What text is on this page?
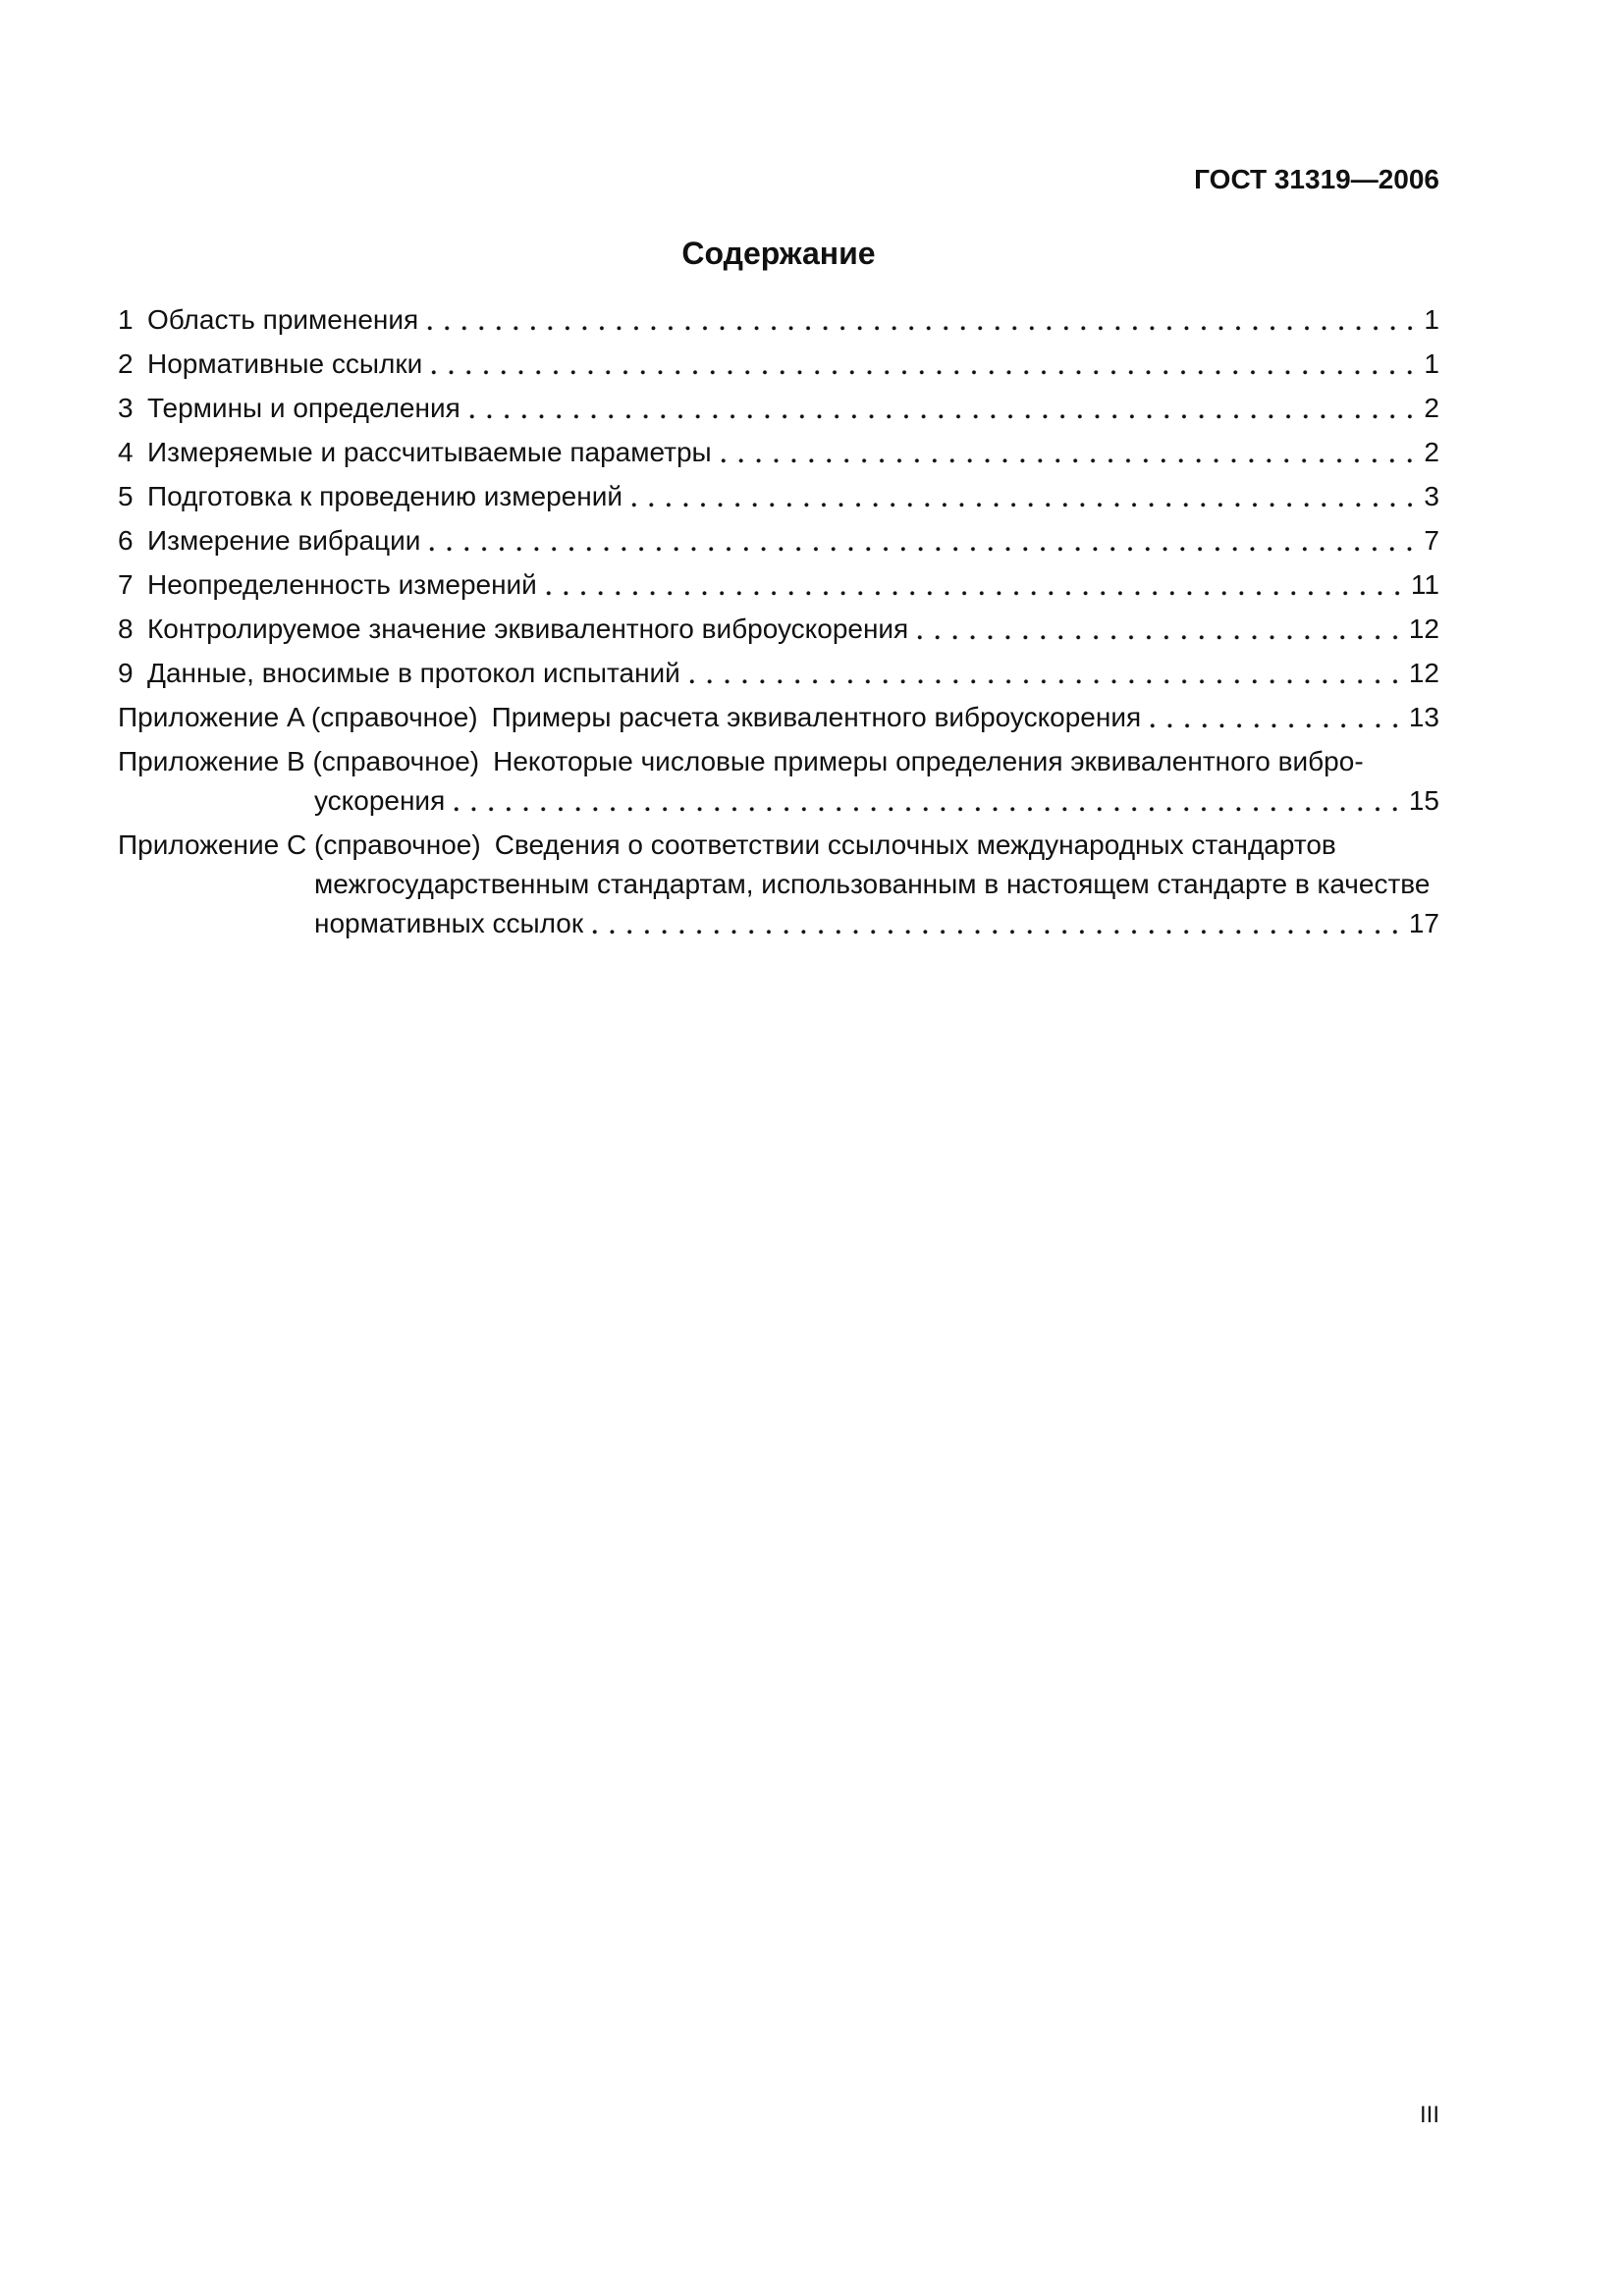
ГОСТ 31319—2006
Содержание
1 Область применения	1
2 Нормативные ссылки	1
3 Термины и определения	2
4 Измеряемые и рассчитываемые параметры	2
5 Подготовка к проведению измерений	3
6 Измерение вибрации	7
7 Неопределенность измерений	11
8 Контролируемое значение эквивалентного виброускорения	12
9 Данные, вносимые в протокол испытаний	12
Приложение A (справочное) Примеры расчета эквивалентного виброускорения	13
Приложение B (справочное) Некоторые числовые примеры определения эквивалентного вибро-
ускорения	15
Приложение C (справочное) Сведения о соответствии ссылочных международных стандартов
межгосударственным стандартам, использованным в настоящем стандарте в качестве
нормативных ссылок	17
III
